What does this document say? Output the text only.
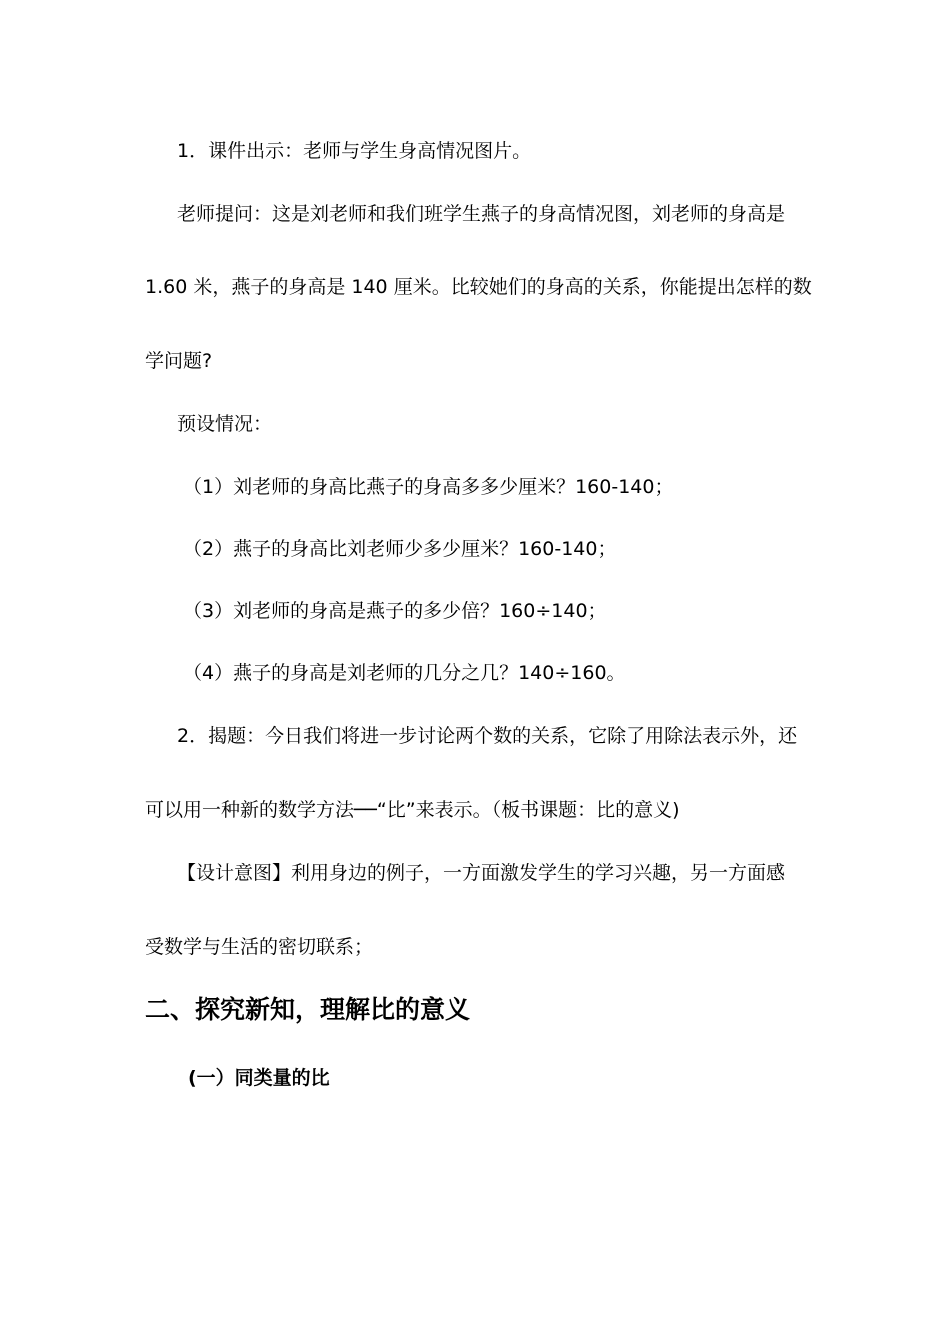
1．课件出示：老师与学生身高情况图片。
老师提问：这是刘老师和我们班学生燕子的身高情况图，刘老师的身高是
1.60 米，燕子的身高是 140 厘米。比较她们的身高的关系，你能提出怎样的数
学问题?
预设情况：
（1）刘老师的身高比燕子的身高多多少厘米？160-140；
（2）燕子的身高比刘老师少多少厘米？160-140；
（3）刘老师的身高是燕子的多少倍？160÷140；
（4）燕子的身高是刘老师的几分之几？140÷160。
2．揭题：今日我们将进一步讨论两个数的关系，它除了用除法表示外，还
可以用一种新的数学方法──“比”来表示。（板书课题：比的意义)
【设计意图】利用身边的例子，一方面激发学生的学习兴趣，另一方面感
受数学与生活的密切联系；
二、探究新知，理解比的意义
(一）同类量的比
